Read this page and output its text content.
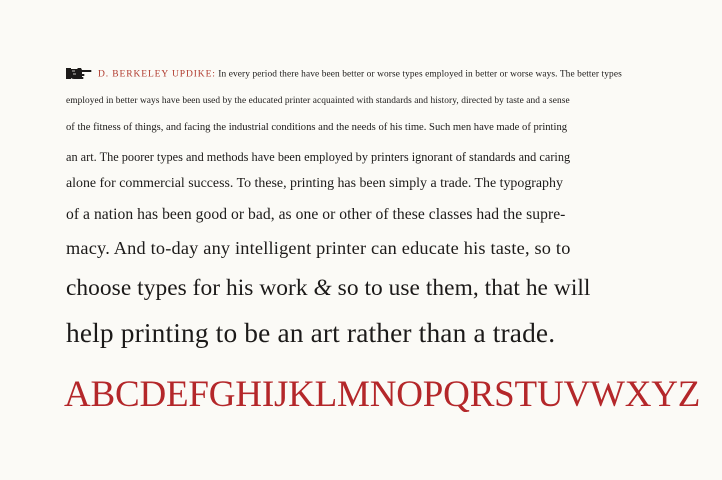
D. BERKELEY UPDIKE: In every period there have been better or worse types employed in better or worse ways. The better types
employed in better ways have been used by the educated printer acquainted with standards and history, directed by taste and a sense
of the fitness of things, and facing the industrial conditions and the needs of his time. Such men have made of printing
an art. The poorer types and methods have been employed by printers ignorant of standards and caring
alone for commercial success. To these, printing has been simply a trade. The typography
of a nation has been good or bad, as one or other of these classes had the supre-
macy. And to-day any intelligent printer can educate his taste, so to
choose types for his work & so to use them, that he will
help printing to be an art rather than a trade.
ABCDEFGHIJKLMNOPQRSTUVWXYZ
